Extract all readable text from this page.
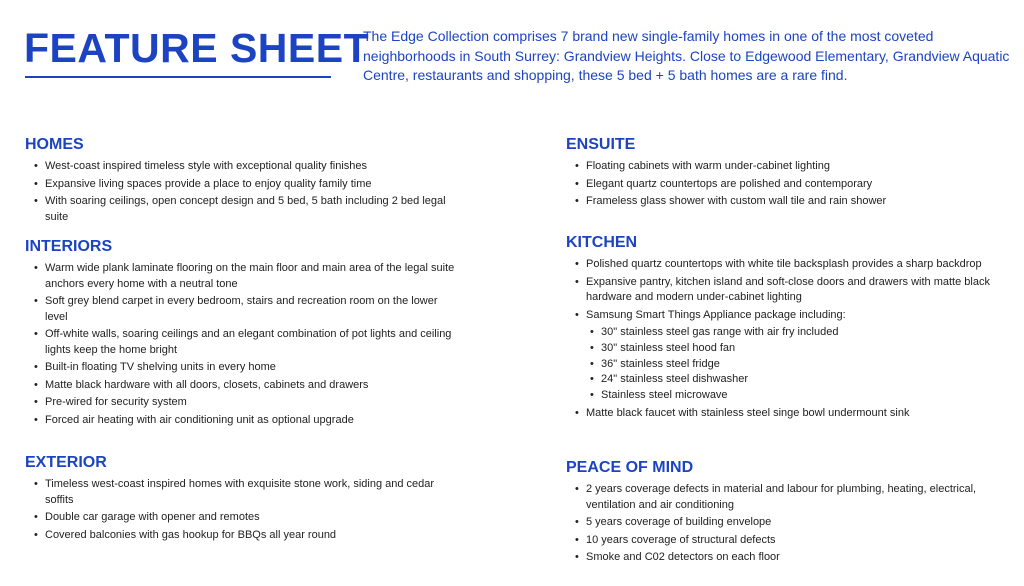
FEATURE SHEET
The Edge Collection comprises 7 brand new single-family homes in one of the most coveted neighborhoods in South Surrey: Grandview Heights. Close to Edgewood Elementary, Grandview Aquatic Centre, restaurants and shopping, these 5 bed + 5 bath homes are a rare find.
HOMES
• West-coast inspired timeless style with exceptional quality finishes
• Expansive living spaces provide a place to enjoy quality family time
• With soaring ceilings, open concept design and 5 bed, 5 bath including 2 bed legal suite
INTERIORS
• Warm wide plank laminate flooring on the main floor and main area of the legal suite anchors every home with a neutral tone
• Soft grey blend carpet in every bedroom, stairs and recreation room on the lower level
• Off-white walls, soaring ceilings and an elegant combination of pot lights and ceiling lights keep the home bright
• Built-in floating TV shelving units in every home
• Matte black hardware with all doors, closets, cabinets and drawers
• Pre-wired for security system
• Forced air heating with air conditioning unit as optional upgrade
EXTERIOR
• Timeless west-coast inspired homes with exquisite stone work, siding and cedar soffits
• Double car garage with opener and remotes
• Covered balconies with gas hookup for BBQs all year round
ENSUITE
• Floating cabinets with warm under-cabinet lighting
• Elegant quartz countertops are polished and contemporary
• Frameless glass shower with custom wall tile and rain shower
KITCHEN
• Polished quartz countertops with white tile backsplash provides a sharp backdrop
• Expansive pantry, kitchen island and soft-close doors and drawers with matte black hardware and modern under-cabinet lighting
• Samsung Smart Things Appliance package including:
• 30" stainless steel gas range with air fry included
• 30" stainless steel hood fan
• 36" stainless steel fridge
• 24" stainless steel dishwasher
• Stainless steel microwave
• Matte black faucet with stainless steel singe bowl undermount sink
PEACE OF MIND
• 2 years coverage defects in material and labour for plumbing, heating, electrical, ventilation and air conditioning
• 5 years coverage of building envelope
• 10 years coverage of structural defects
• Smoke and C02 detectors on each floor
